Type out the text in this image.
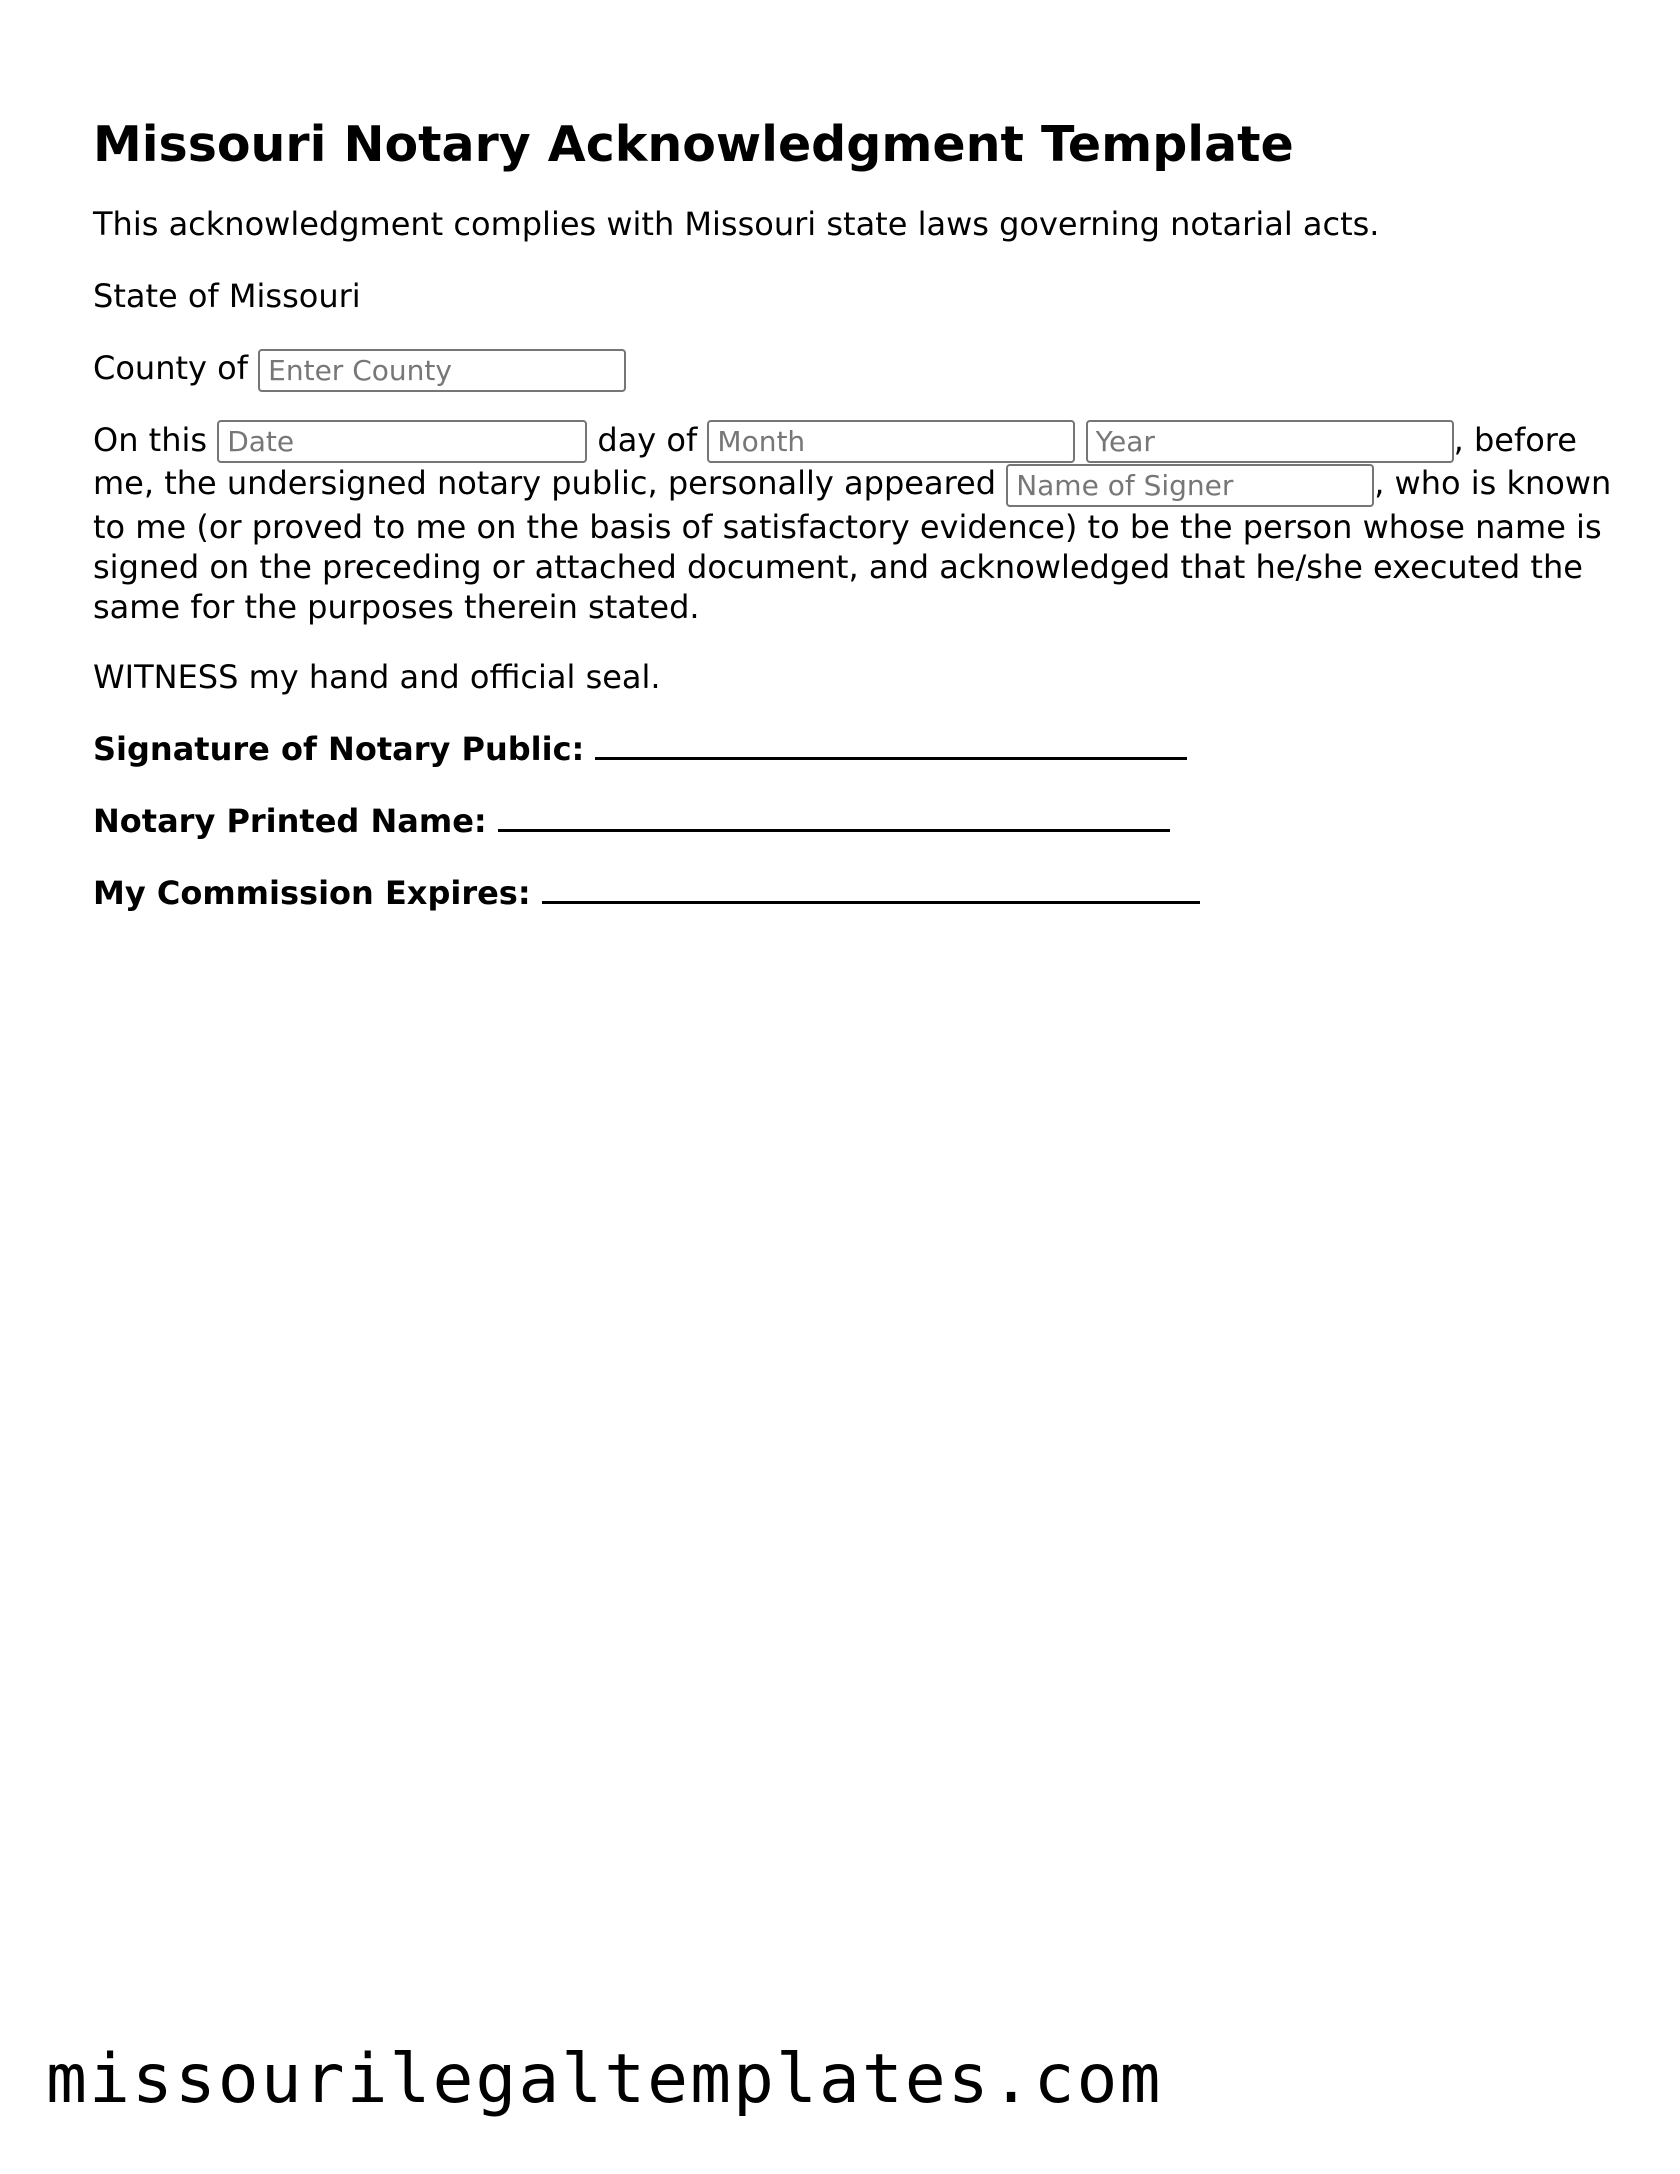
Missouri Notary Acknowledgment Template

This acknowledgment complies with Missouri state laws governing notarial acts.

State of Missouri

County of Enter County

On this Date	day of Month Year	, before me, the undersigned notary public, personally appeared Name of Signer	, who is known to me (or proved to me on the basis of satisfactory evidence) to be the person whose name is signed on the preceding or attached document, and acknowledged that he/she executed the same for the purposes therein stated.

WITNESS my hand and official seal.

Signature of Notary Public:

Notary Printed Name:

My Commission Expires:

missourilegaltemplates.com
